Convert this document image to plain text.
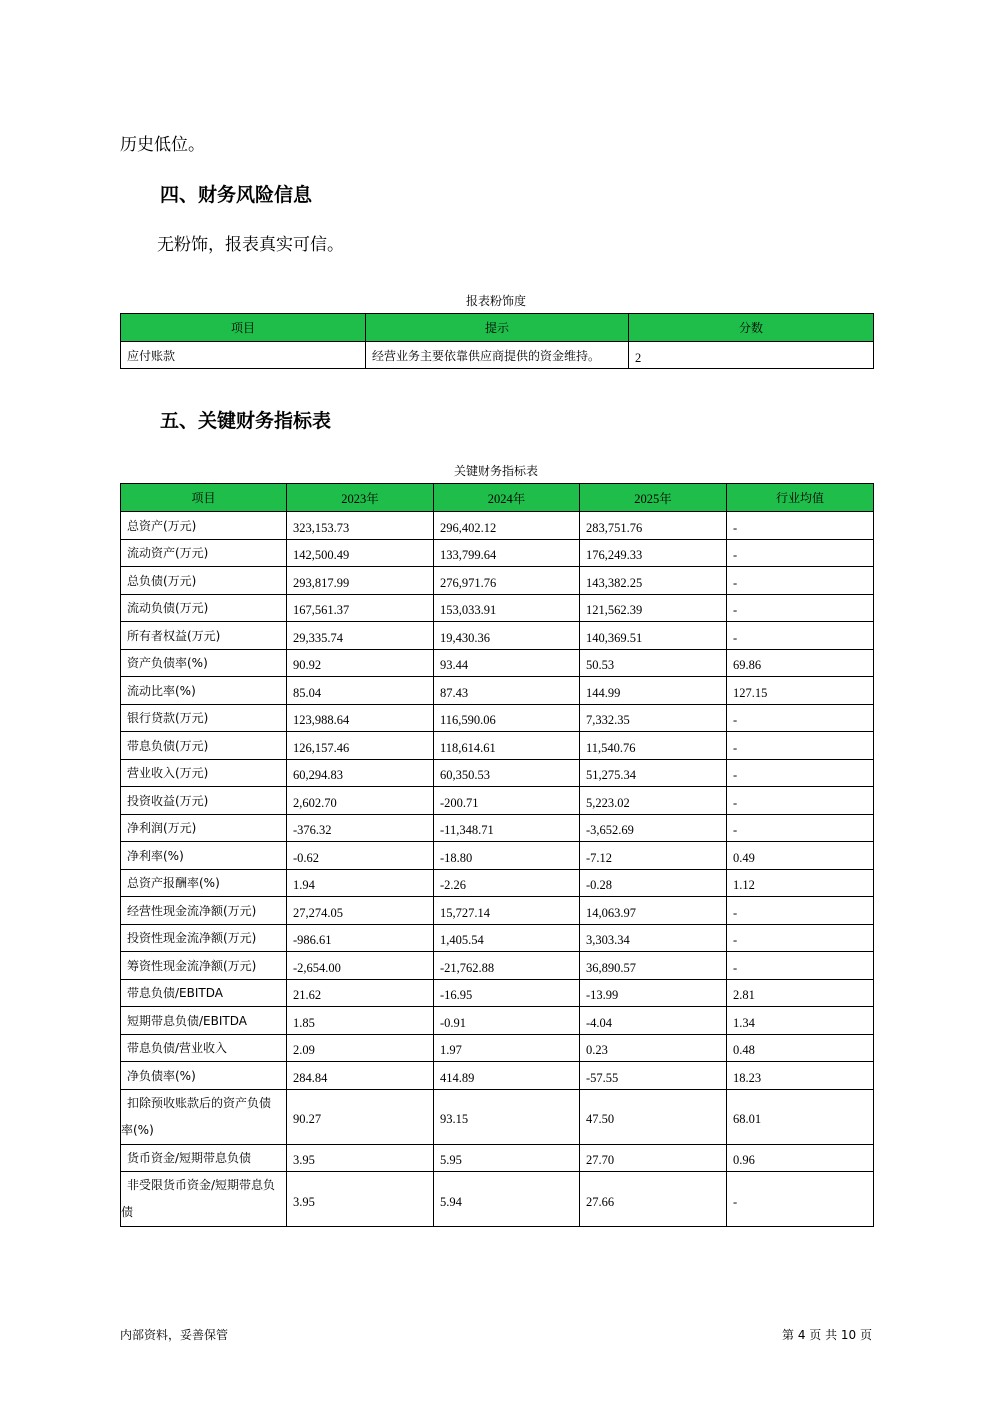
历史低位。
四、财务风险信息
无粉饰，报表真实可信。
报表粉饰度
项目	提示	分数
应付账款	经营业务主要依靠供应商提供的资金维持。	2
五、关键财务指标表
关键财务指标表
项目	2023年	2024年	2025年	行业均值
总资产(万元)	323,153.73	296,402.12	283,751.76	-
流动资产(万元)	142,500.49	133,799.64	176,249.33	-
总负债(万元)	293,817.99	276,971.76	143,382.25	-
流动负债(万元)	167,561.37	153,033.91	121,562.39	-
所有者权益(万元)	29,335.74	19,430.36	140,369.51	-
资产负债率(%)	90.92	93.44	50.53	69.86
流动比率(%)	85.04	87.43	144.99	127.15
银行贷款(万元)	123,988.64	116,590.06	7,332.35	-
带息负债(万元)	126,157.46	118,614.61	11,540.76	-
营业收入(万元)	60,294.83	60,350.53	51,275.34	-
投资收益(万元)	2,602.70	-200.71	5,223.02	-
净利润(万元)	-376.32	-11,348.71	-3,652.69	-
净利率(%)	-0.62	-18.80	-7.12	0.49
总资产报酬率(%)	1.94	-2.26	-0.28	1.12
经营性现金流净额(万元)	27,274.05	15,727.14	14,063.97	-
投资性现金流净额(万元)	-986.61	1,405.54	3,303.34	-
筹资性现金流净额(万元)	-2,654.00	-21,762.88	36,890.57	-
带息负债/EBITDA	21.62	-16.95	-13.99	2.81
短期带息负债/EBITDA	1.85	-0.91	-4.04	1.34
带息负债/营业收入	2.09	1.97	0.23	0.48
净负债率(%)	284.84	414.89	-57.55	18.23
扣除预收账款后的资产负债率(%)	90.27	93.15	47.50	68.01
货币资金/短期带息负债	3.95	5.95	27.70	0.96
非受限货币资金/短期带息负债	3.95	5.94	27.66	-
内部资料，妥善保管	第 4 页 共 10 页
